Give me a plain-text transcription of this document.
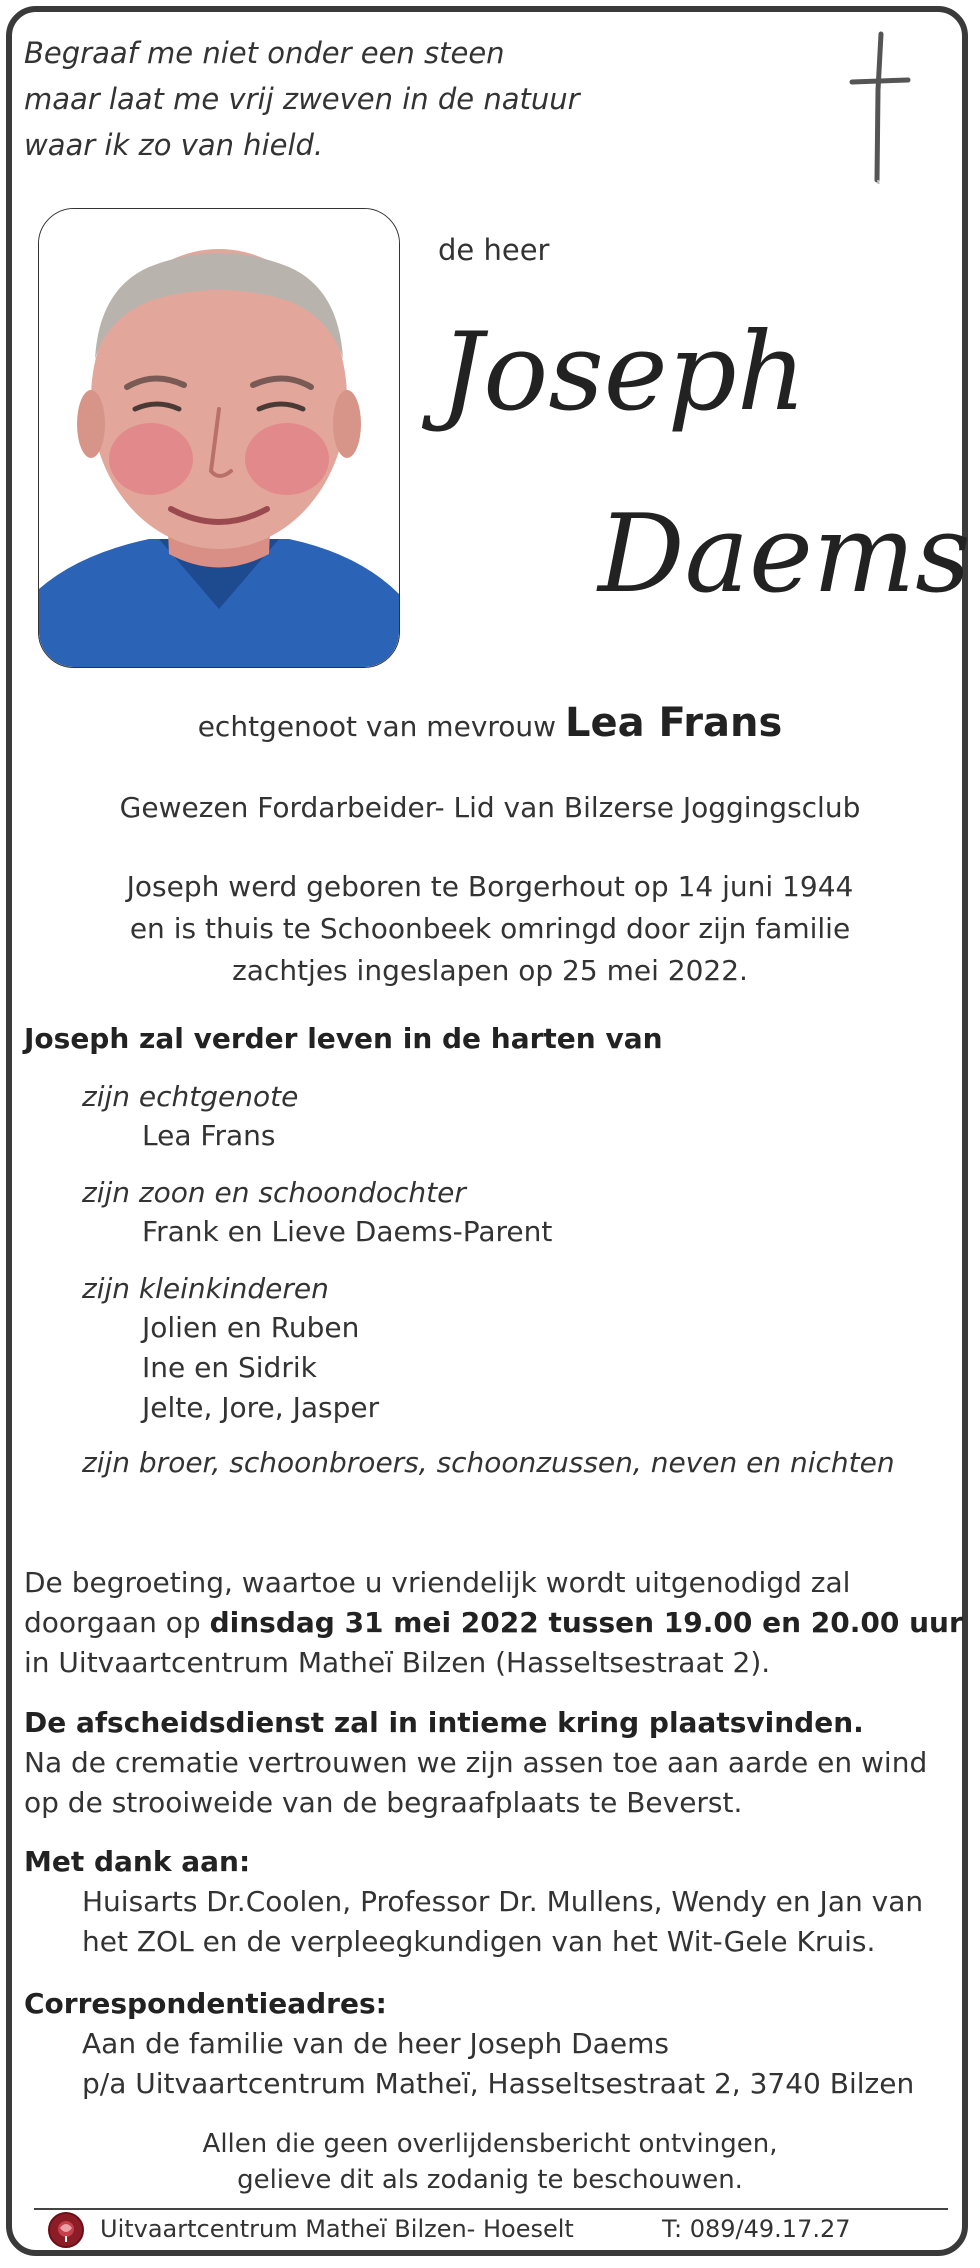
Begraaf me niet onder een steen
maar laat me vrij zweven in de natuur
waar ik zo van hield.
de heer
Joseph
Daems
echtgenoot van mevrouw Lea Frans
Gewezen Fordarbeider- Lid van Bilzerse Joggingsclub
Joseph werd geboren te Borgerhout op 14 juni 1944
en is thuis te Schoonbeek omringd door zijn familie
zachtjes ingeslapen op 25 mei 2022.
Joseph zal verder leven in de harten van
zijn echtgenote
Lea Frans
zijn zoon en schoondochter
Frank en Lieve Daems-Parent
zijn kleinkinderen
Jolien en Ruben
Ine en Sidrik
Jelte, Jore, Jasper
zijn broer, schoonbroers, schoonzussen, neven en nichten
De begroeting, waartoe u vriendelijk wordt uitgenodigd zal
doorgaan op dinsdag 31 mei 2022 tussen 19.00 en 20.00 uur
in Uitvaartcentrum Matheï Bilzen (Hasseltsestraat 2).
De afscheidsdienst zal in intieme kring plaatsvinden.
Na de crematie vertrouwen we zijn assen toe aan aarde en wind
op de strooiweide van de begraafplaats te Beverst.
Met dank aan:
Huisarts Dr.Coolen, Professor Dr. Mullens, Wendy en Jan van
het ZOL en de verpleegkundigen van het Wit-Gele Kruis.
Correspondentieadres:
Aan de familie van de heer Joseph Daems
p/a Uitvaartcentrum Matheï, Hasseltsestraat 2, 3740 Bilzen
Allen die geen overlijdensbericht ontvingen,
gelieve dit als zodanig te beschouwen.
Uitvaartcentrum Matheï Bilzen- Hoeselt	T: 089/49.17.27
